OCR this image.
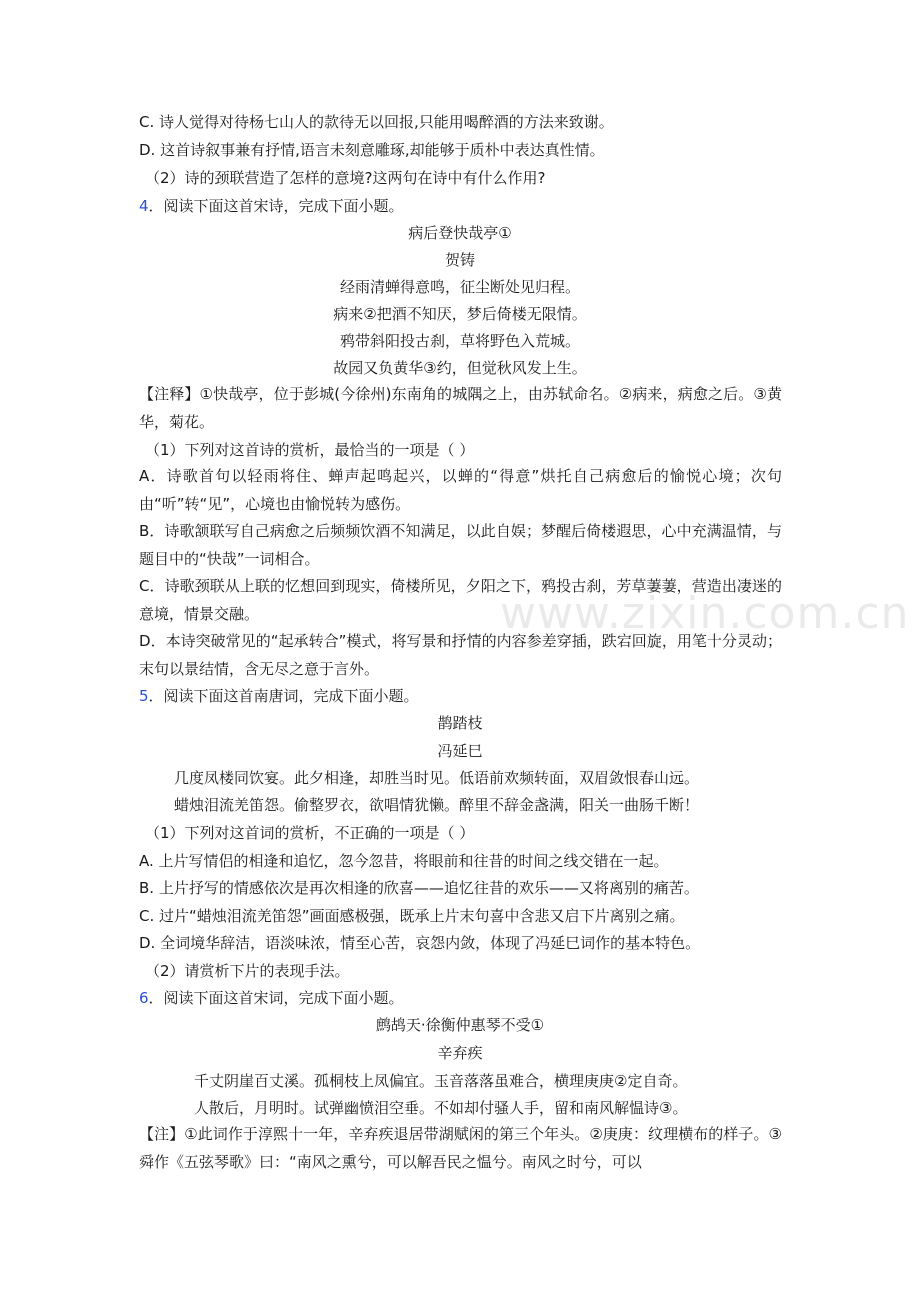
www.zixin.com.cn
C. 诗人觉得对待杨七山人的款待无以回报,只能用喝醉酒的方法来致谢。
D. 这首诗叙事兼有抒情,语言未刻意雕琢,却能够于质朴中表达真性情。
（2）诗的颈联营造了怎样的意境?这两句在诗中有什么作用?
4．阅读下面这首宋诗，完成下面小题。
病后登快哉亭①
贺铸
经雨清蝉得意鸣，征尘断处见归程。
病来②把酒不知厌，梦后倚楼无限情。
鸦带斜阳投古刹，草将野色入荒城。
故园又负黄华③约，但觉秋风发上生。
【注释】①快哉亭，位于彭城(今徐州)东南角的城隅之上，由苏轼命名。②病来，病愈之后。③黄华，菊花。
（1）下列对这首诗的赏析，最恰当的一项是（ ）
A．诗歌首句以轻雨将住、蝉声起鸣起兴，以蝉的“得意”烘托自己病愈后的愉悦心境；次句由“听”转“见”，心境也由愉悦转为感伤。
B．诗歌颔联写自己病愈之后频频饮酒不知满足，以此自娱；梦醒后倚楼遐思，心中充满温情，与题目中的“快哉”一词相合。
C．诗歌颈联从上联的忆想回到现实，倚楼所见，夕阳之下，鸦投古刹，芳草萋萋，营造出凄迷的意境，情景交融。
D．本诗突破常见的“起承转合”模式，将写景和抒情的内容参差穿插，跌宕回旋，用笔十分灵动；末句以景结情，含无尽之意于言外。
5．阅读下面这首南唐词，完成下面小题。
鹊踏枝
冯延巳
几度凤楼同饮宴。此夕相逢，却胜当时见。低语前欢频转面，双眉敛恨春山远。
蜡烛泪流羌笛怨。偷整罗衣，欲唱情犹懒。醉里不辞金盏满，阳关一曲肠千断！
（1）下列对这首词的赏析，不正确的一项是（ ）
A. 上片写情侣的相逢和追忆，忽今忽昔，将眼前和往昔的时间之线交错在一起。
B. 上片抒写的情感依次是再次相逢的欣喜——追忆往昔的欢乐——又将离别的痛苦。
C. 过片“蜡烛泪流羌笛怨”画面感极强，既承上片末句喜中含悲又启下片离别之痛。
D. 全词境华辞洁，语淡味浓，情至心苦，哀怨内敛，体现了冯延巳词作的基本特色。
（2）请赏析下片的表现手法。
6．阅读下面这首宋词，完成下面小题。
鹧鸪天·徐衡仲惠琴不受①
辛弃疾
千丈阴崖百丈溪。孤桐枝上凤偏宜。玉音落落虽难合，横理庚庚②定自奇。
人散后，月明时。试弹幽愤泪空垂。不如却付骚人手，留和南风解愠诗③。
【注】①此词作于淳熙十一年，辛弃疾退居带湖赋闲的第三个年头。②庚庚：纹理横布的样子。③舜作《五弦琴歌》曰：“南风之熏兮，可以解吾民之愠兮。南风之时兮，可以
